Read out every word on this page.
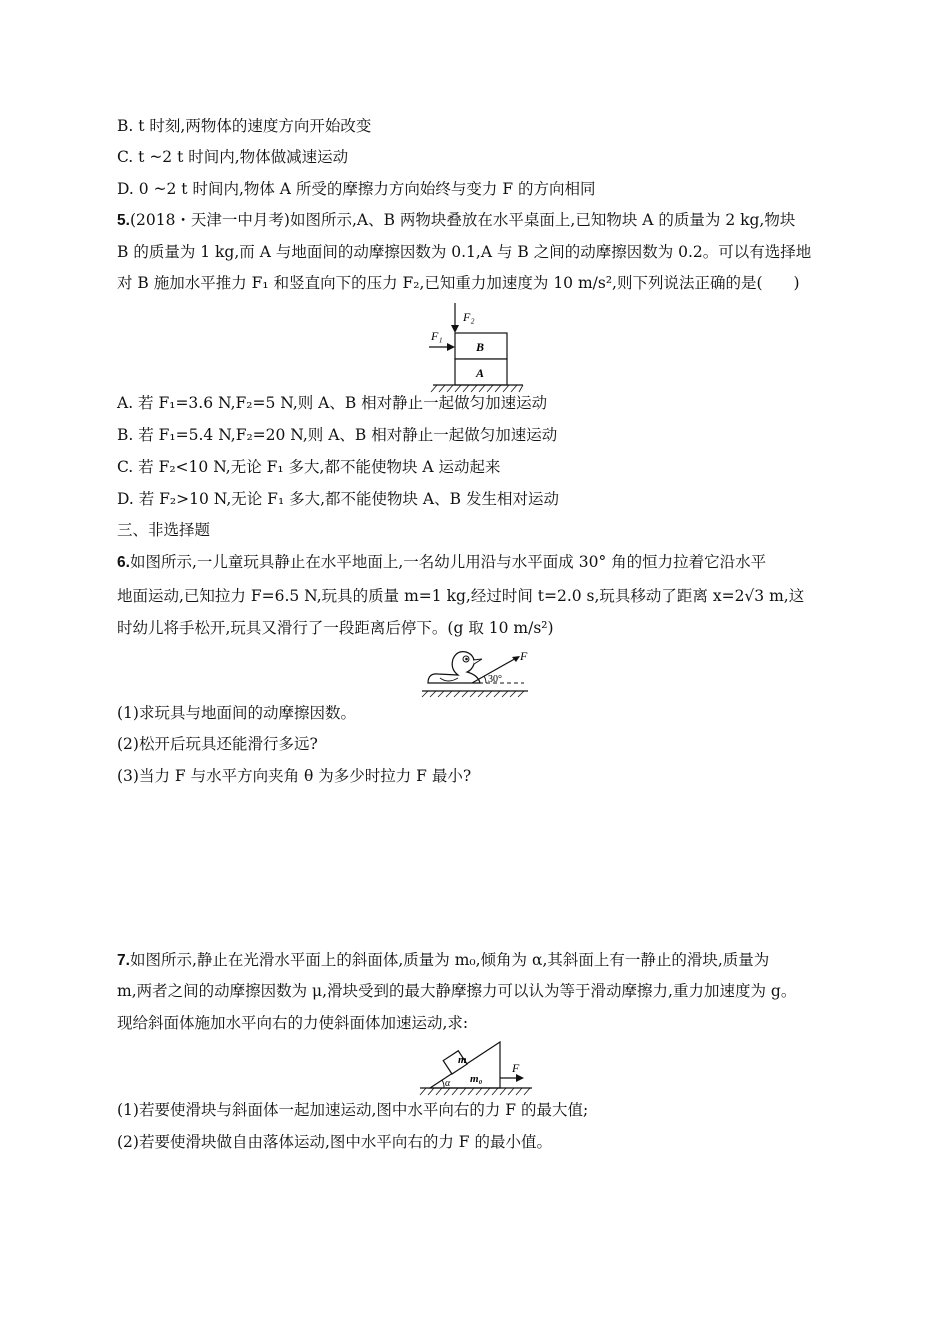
B. t 时刻,两物体的速度方向开始改变
C. t ~2 t 时间内,物体做减速运动
D. 0 ~2 t 时间内,物体 A 所受的摩擦力方向始终与变力 F 的方向相同
5.(2018・天津一中月考)如图所示,A、B 两物块叠放在水平桌面上,已知物块 A 的质量为 2 kg,物块
B 的质量为 1 kg,而 A 与地面间的动摩擦因数为 0.1,A 与 B 之间的动摩擦因数为 0.2。可以有选择地
对 B 施加水平推力 F₁ 和竖直向下的压力 F₂,已知重力加速度为 10 m/s²,则下列说法正确的是(　　)
F₂
F₁
B
A
A. 若 F₁=3.6 N,F₂=5 N,则 A、B 相对静止一起做匀加速运动
B. 若 F₁=5.4 N,F₂=20 N,则 A、B 相对静止一起做匀加速运动
C. 若 F₂<10 N,无论 F₁ 多大,都不能使物块 A 运动起来
D. 若 F₂>10 N,无论 F₁ 多大,都不能使物块 A、B 发生相对运动
三、非选择题
6.如图所示,一儿童玩具静止在水平地面上,一名幼儿用沿与水平面成 30° 角的恒力拉着它沿水平
地面运动,已知拉力 F=6.5 N,玩具的质量 m=1 kg,经过时间 t=2.0 s,玩具移动了距离 x=2√3 m,这
时幼儿将手松开,玩具又滑行了一段距离后停下。(g 取 10 m/s²)
F
30°
(1)求玩具与地面间的动摩擦因数。
(2)松开后玩具还能滑行多远?
(3)当力 F 与水平方向夹角 θ 为多少时拉力 F 最小?
7.如图所示,静止在光滑水平面上的斜面体,质量为 m₀,倾角为 α,其斜面上有一静止的滑块,质量为
m,两者之间的动摩擦因数为 μ,滑块受到的最大静摩擦力可以认为等于滑动摩擦力,重力加速度为 g。
现给斜面体施加水平向右的力使斜面体加速运动,求:
m
m₀
α
F
(1)若要使滑块与斜面体一起加速运动,图中水平向右的力 F 的最大值;
(2)若要使滑块做自由落体运动,图中水平向右的力 F 的最小值。
